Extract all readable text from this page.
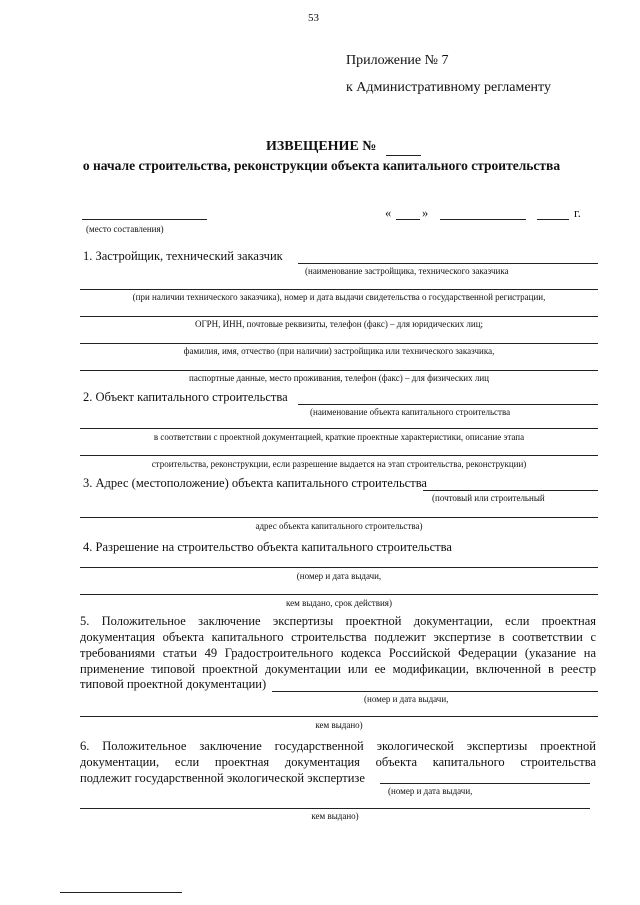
53
Приложение № 7
к Административному регламенту
ИЗВЕЩЕНИЕ №
о начале строительства, реконструкции объекта капитального строительства
(место составления)
« »	г.
1. Застройщик, технический заказчик
(наименование застройщика, технического заказчика
(при наличии технического заказчика), номер и дата выдачи свидетельства о государственной регистрации,
ОГРН, ИНН, почтовые реквизиты, телефон (факс) – для юридических лиц;
фамилия, имя, отчество (при наличии) застройщика или технического заказчика,
паспортные данные, место проживания, телефон (факс) – для физических лиц
2. Объект капитального строительства
(наименование объекта капитального строительства
в соответствии с проектной документацией, краткие проектные характеристики, описание этапа
строительства, реконструкции, если разрешение выдается на этап строительства, реконструкции)
3. Адрес (местоположение) объекта капитального строительства
(почтовый или строительный
адрес объекта капитального строительства)
4. Разрешение на строительство объекта капитального строительства
(номер и дата выдачи,
кем выдано, срок действия)
5. Положительное заключение экспертизы проектной документации, если проектная
документация объекта капитального строительства подлежит экспертизе в соответствии с
требованиями статьи 49 Градостроительного кодекса Российской Федерации (указание на
применение типовой проектной документации или ее модификации, включенной в реестр
типовой проектной документации)
(номер и дата выдачи,
кем выдано)
6. Положительное заключение государственной экологической экспертизы проектной
документации, если проектная документация объекта капитального строительства
подлежит государственной экологической экспертизе
(номер и дата выдачи,
кем выдано)
